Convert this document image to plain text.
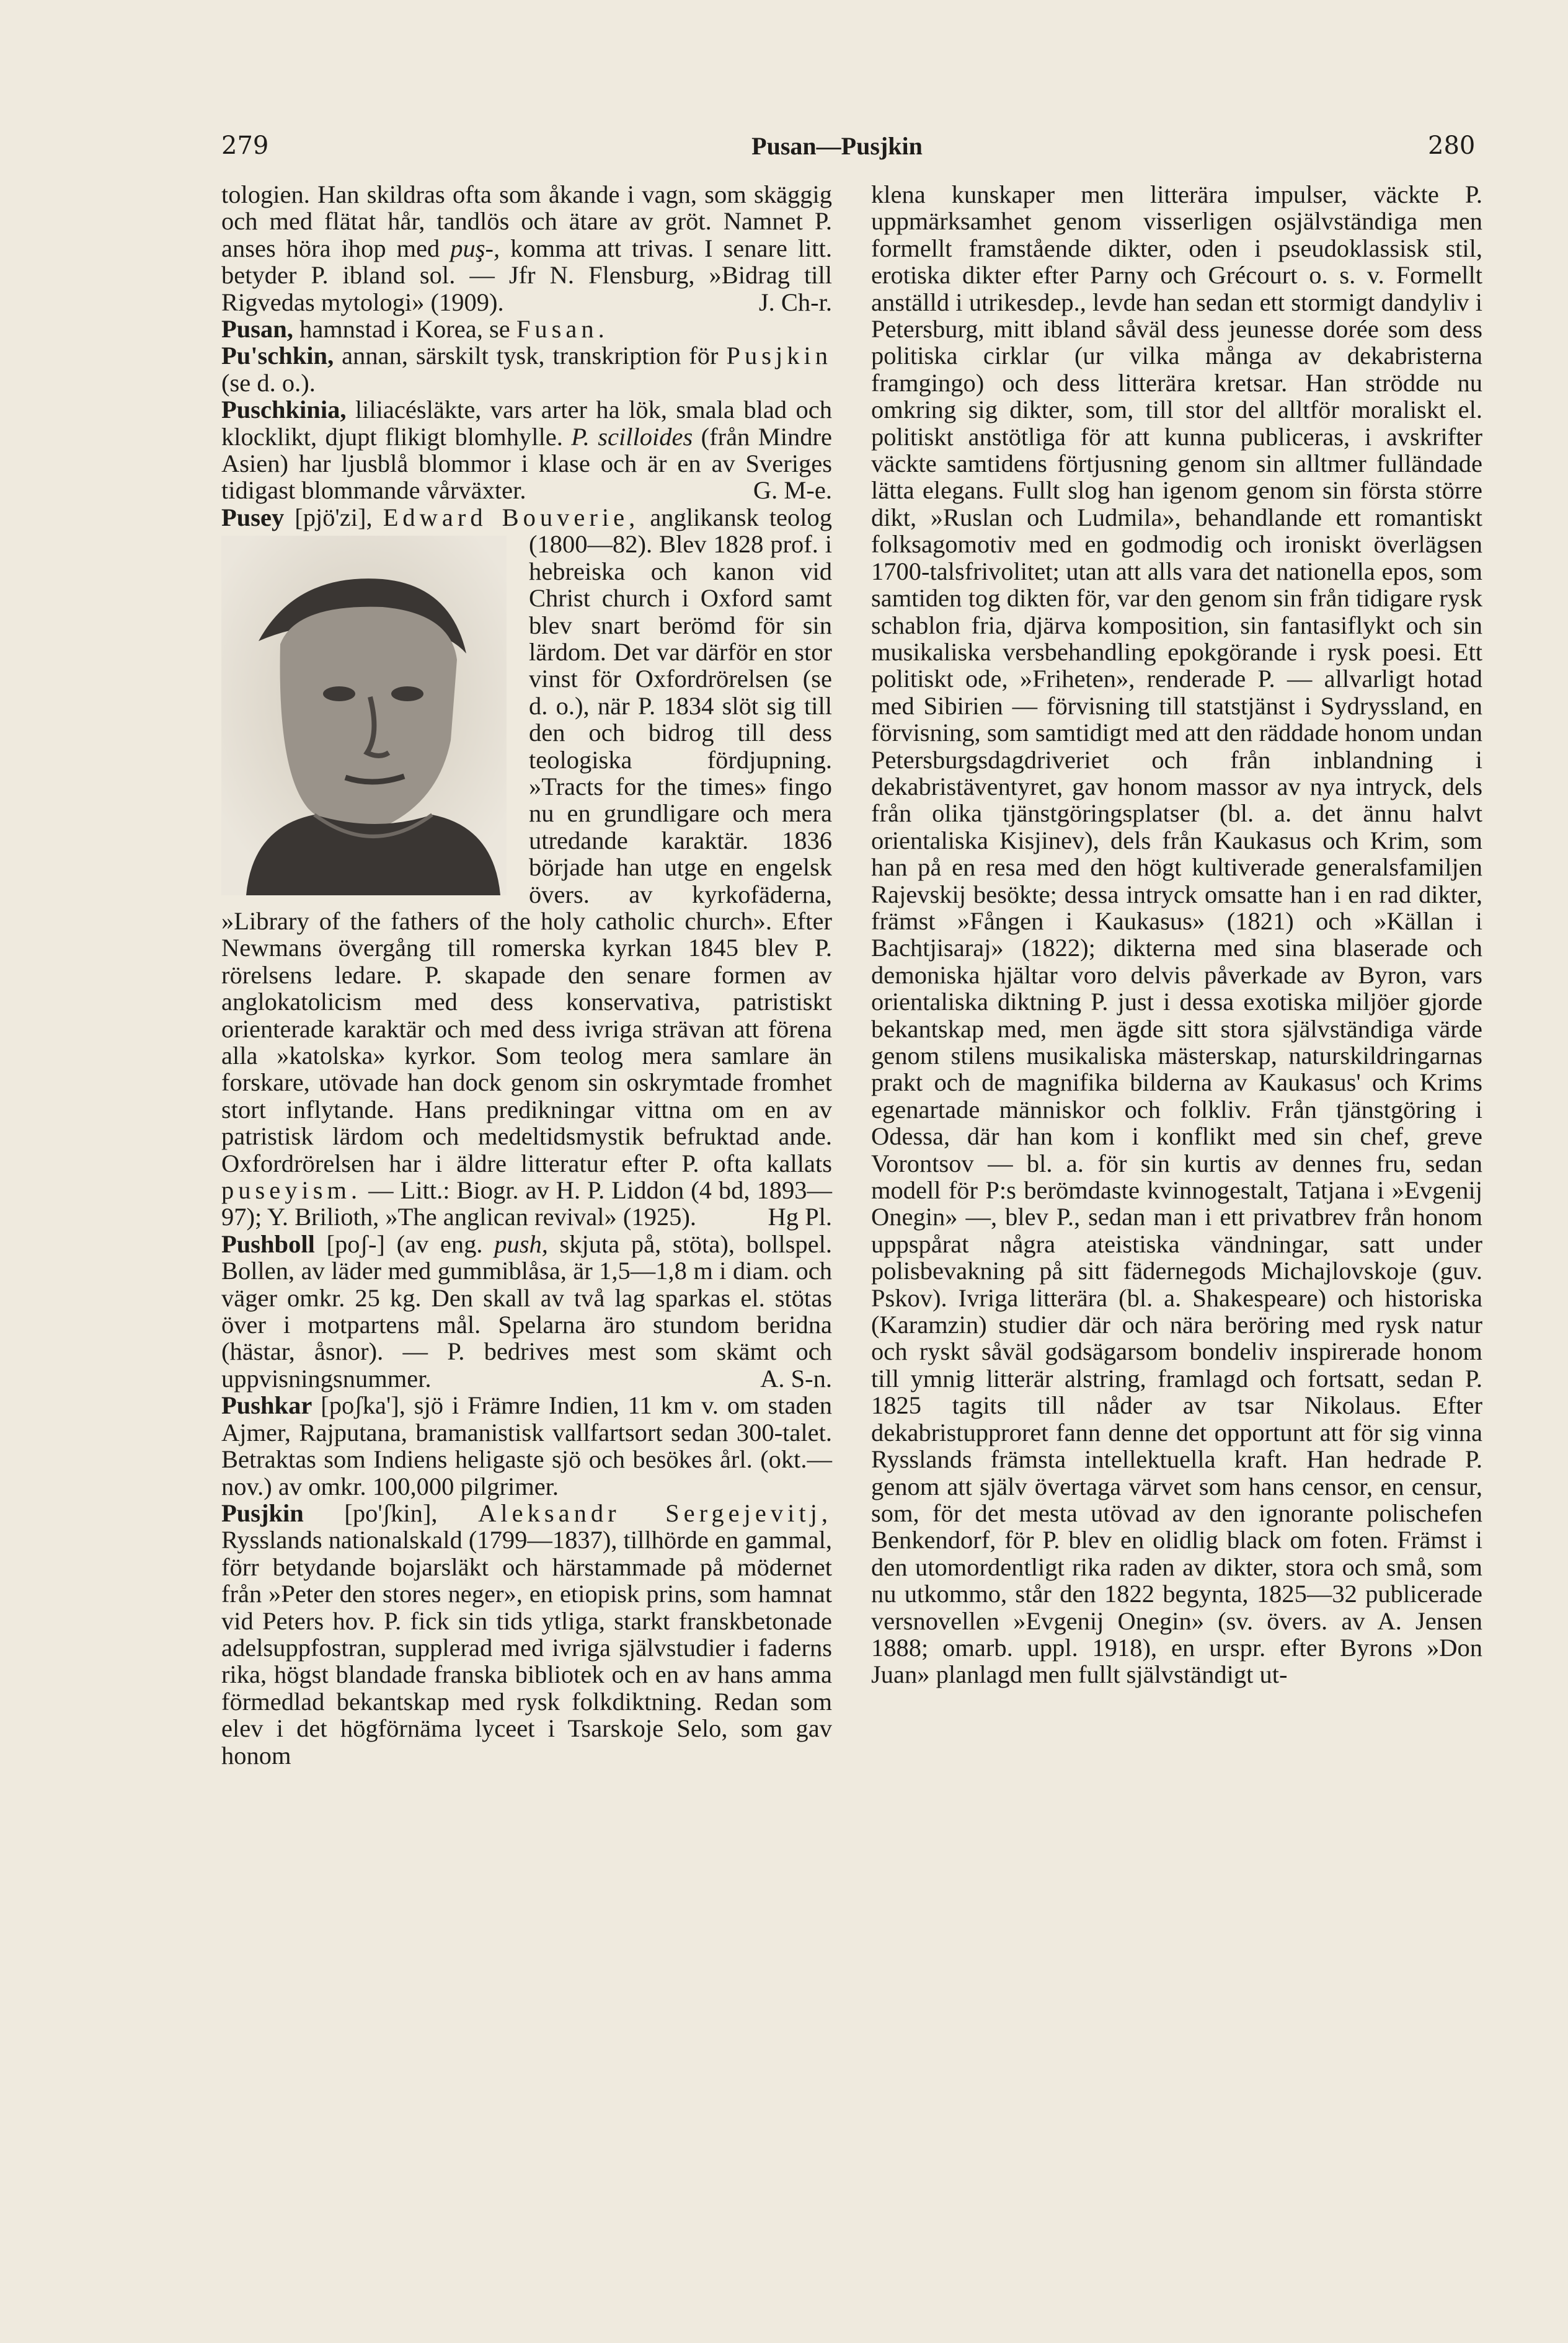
279	Pusan—Pusjkin	280

tologien. Han skildras ofta som åkande i vagn, som skäggig och med flätat hår, tandlös och ätare av gröt. Namnet P. anses höra ihop med puş-, komma att trivas. I senare litt. betyder P. ibland sol. — Jfr N. Flensburg, »Bidrag till Rigvedas mytologi» (1909).	J. Ch-r.

Pusan, hamnstad i Korea, se Fusan.

Pu'schkin, annan, särskilt tysk, transkription för Pusjkin (se d. o.).

Puschkinia, liliacésläkte, vars arter ha lök, smala blad och klocklikt, djupt flikigt blomhylle. P. scilloides (från Mindre Asien) har ljusblå blommor i klase och är en av Sveriges tidigast blommande vårväxter.	G. M-e.

Pusey [pjö'zi], Edward Bouverie,
anglikansk teolog (1800—82). Blev 1828 prof. i hebreiska och kanon vid Christ church i Oxford samt blev snart berömd för sin lärdom. Det var därför en stor vinst för Oxfordrörelsen (se d. o.), när P. 1834 slöt sig till den och bidrog till dess teologiska fördjupning. »Tracts for the times» fingo nu en grundligare och mera utredande karaktär. 1836 började han utge en engelsk övers. av kyrkofäderna, »Library of the fathers of the holy catholic church». Efter Newmans övergång till romerska kyrkan 1845 blev P. rörelsens ledare. P. skapade den senare formen av anglokatolicism med dess konservativa, patristiskt orienterade karaktär och med dess ivriga strävan att förena alla »katolska» kyrkor. Som teolog mera samlare än forskare, utövade han dock genom sin oskrymtade fromhet stort inflytande. Hans predikningar vittna om en av patristisk lärdom och medeltidsmystik befruktad ande. Oxfordrörelsen har i äldre litteratur efter P. ofta kallats puseyism. — Litt.: Biogr. av H. P. Liddon (4 bd, 1893—97); Y. Brilioth, »The anglican revival» (1925).	Hg Pl.

Pushboll [poʃ-] (av eng. push, skjuta på, stöta), bollspel. Bollen, av läder med gummiblåsa, är 1,5—1,8 m i diam. och väger omkr. 25 kg. Den skall av två lag sparkas el. stötas över i motpartens mål. Spelarna äro stundom beridna (hästar, åsnor). — P. bedrives mest som skämt och uppvisningsnummer.	A. S-n.

Pushkar [poʃka'], sjö i Främre Indien, 11 km v. om staden Ajmer, Rajputana, bramanistisk vallfartsort sedan 300-talet. Betraktas som Indiens heligaste sjö och besökes årl. (okt.—nov.) av omkr. 100,000 pilgrimer.

Pusjkin [po'ʃkin], Aleksandr Sergejevitj, Rysslands nationalskald (1799—1837), tillhörde en gammal, förr betydande bojarsläkt och härstammade på mödernet från »Peter den stores neger», en etiopisk prins, som hamnat vid Peters hov. P. fick sin tids ytliga, starkt franskbetonade adelsuppfostran, supplerad med ivriga självstudier i faderns rika, högst blandade franska bibliotek och en av hans amma förmedlad bekantskap med rysk folkdiktning. Redan som elev i det högförnäma lyceet i Tsarskoje Selo, som gav honom

klena kunskaper men litterära impulser, väckte P. uppmärksamhet genom visserligen osjälvständiga men formellt framstående dikter, oden i pseudoklassisk stil, erotiska dikter efter Parny och Grécourt o. s. v. Formellt anställd i utrikesdep., levde han sedan ett stormigt dandyliv i Petersburg, mitt ibland såväl dess jeunesse dorée som dess politiska cirklar (ur vilka många av dekabristerna framgingo) och dess litterära kretsar. Han strödde nu omkring sig dikter, som, till stor del alltför moraliskt el. politiskt anstötliga för att kunna publiceras, i avskrifter väckte samtidens förtjusning genom sin alltmer fulländade lätta elegans. Fullt slog han igenom genom sin första större dikt, »Ruslan och Ludmila», behandlande ett romantiskt folksagomotiv med en godmodig och ironiskt överlägsen 1700-talsfrivolitet; utan att alls vara det nationella epos, som samtiden tog dikten för, var den genom sin från tidigare rysk schablon fria, djärva komposition, sin fantasiflykt och sin musikaliska versbehandling epokgörande i rysk poesi. Ett politiskt ode, »Friheten», renderade P. — allvarligt hotad med Sibirien — förvisning till statstjänst i Sydryssland, en förvisning, som samtidigt med att den räddade honom undan Petersburgsdagdriveriet och från inblandning i dekabristäventyret, gav honom massor av nya intryck, dels från olika tjänstgöringsplatser (bl. a. det ännu halvt orientaliska Kisjinev), dels från Kaukasus och Krim, som han på en resa med den högt kultiverade generalsfamiljen Rajevskij besökte; dessa intryck omsatte han i en rad dikter, främst »Fången i Kaukasus» (1821) och »Källan i Bachtjisaraj» (1822); dikterna med sina blaserade och demoniska hjältar voro delvis påverkade av Byron, vars orientaliska diktning P. just i dessa exotiska miljöer gjorde bekantskap med, men ägde sitt stora självständiga värde genom stilens musikaliska mästerskap, naturskildringarnas prakt och de magnifika bilderna av Kaukasus' och Krims egenartade människor och folkliv. Från tjänstgöring i Odessa, där han kom i konflikt med sin chef, greve Vorontsov — bl. a. för sin kurtis av dennes fru, sedan modell för P:s berömdaste kvinnogestalt, Tatjana i »Evgenij Onegin» —, blev P., sedan man i ett privatbrev från honom uppspårat några ateistiska vändningar, satt under polisbevakning på sitt fädernegods Michajlovskoje (guv. Pskov). Ivriga litterära (bl. a. Shakespeare) och historiska (Karamzin) studier där och nära beröring med rysk natur och ryskt såväl godsägarsom bondeliv inspirerade honom till ymnig litterär alstring, framlagd och fortsatt, sedan P. 1825 tagits till nåder av tsar Nikolaus. Efter dekabristupproret fann denne det opportunt att för sig vinna Rysslands främsta intellektuella kraft. Han hedrade P. genom att själv övertaga värvet som hans censor, en censur, som, för det mesta utövad av den ignorante polischefen Benkendorf, för P. blev en olidlig black om foten. Främst i den utomordentligt rika raden av dikter, stora och små, som nu utkommo, står den 1822 begynta, 1825—32 publicerade versnovellen »Evgenij Onegin» (sv. övers. av A. Jensen 1888; omarb. uppl. 1918), en urspr. efter Byrons »Don Juan» planlagd men fullt självständigt ut-
